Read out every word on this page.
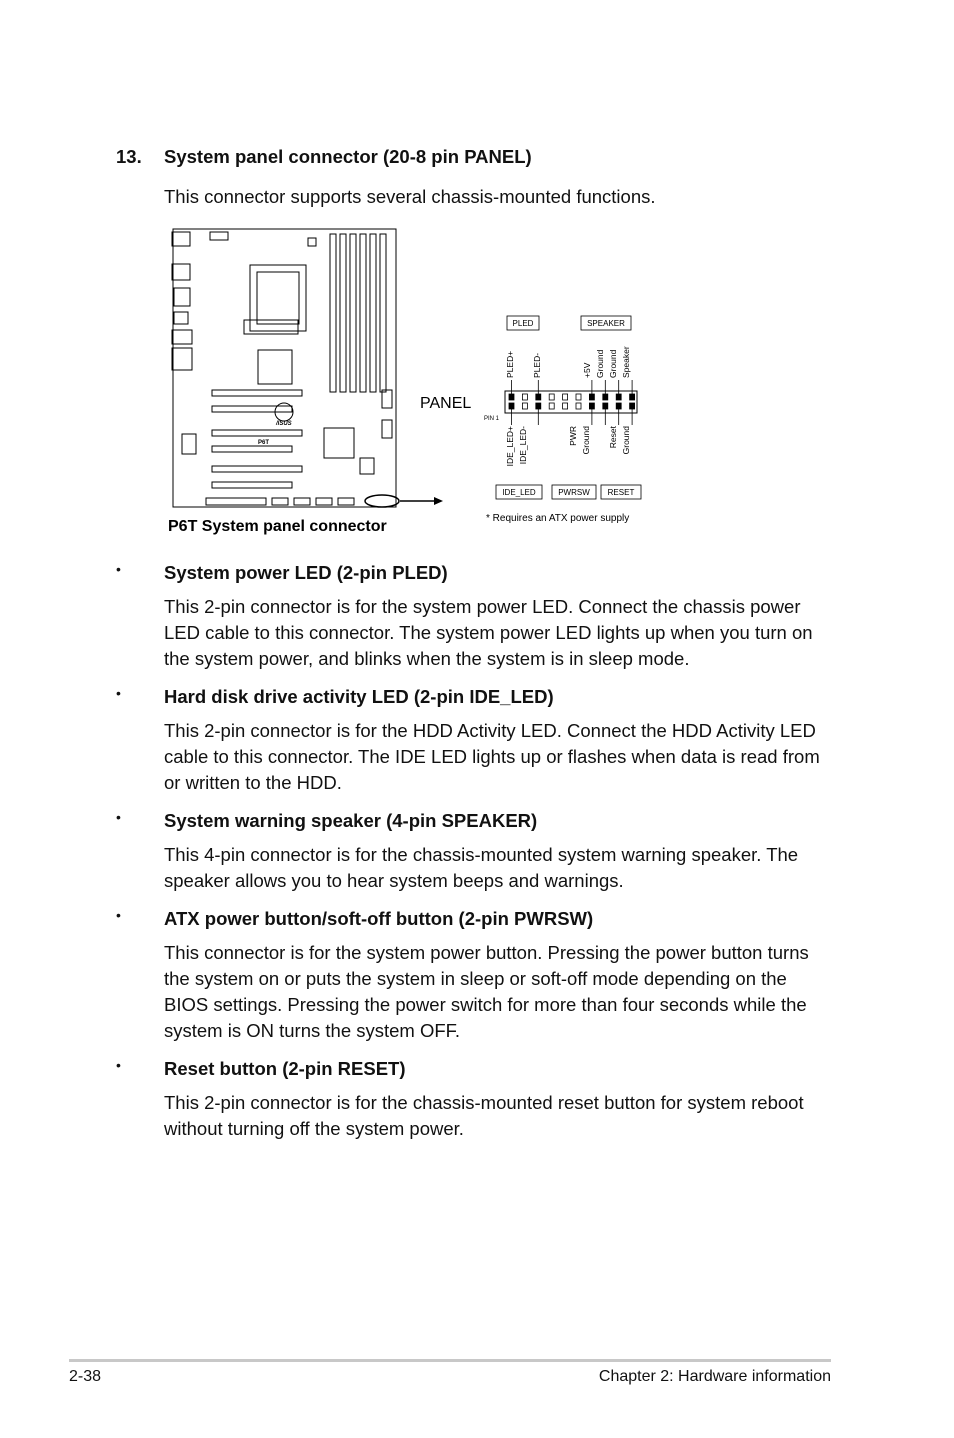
13. System panel connector (20-8 pin PANEL)
This connector supports several chassis-mounted functions.
/ISUS
P6T
P6T System panel connector
PANEL
PIN 1
PLED	SPEAKER
PLED+ PLED-	+5V Ground Ground Speaker
IDE_LED+ IDE_LED-	PWR Ground Reset Ground
IDE_LED	PWRSW RESET
* Requires an ATX power supply
• System power LED (2-pin PLED)
This 2-pin connector is for the system power LED. Connect the chassis power LED cable to this connector. The system power LED lights up when you turn on the system power, and blinks when the system is in sleep mode.
• Hard disk drive activity LED (2-pin IDE_LED)
This 2-pin connector is for the HDD Activity LED. Connect the HDD Activity LED cable to this connector. The IDE LED lights up or flashes when data is read from or written to the HDD.
• System warning speaker (4-pin SPEAKER)
This 4-pin connector is for the chassis-mounted system warning speaker. The speaker allows you to hear system beeps and warnings.
• ATX power button/soft-off button (2-pin PWRSW)
This connector is for the system power button. Pressing the power button turns the system on or puts the system in sleep or soft-off mode depending on the BIOS settings. Pressing the power switch for more than four seconds while the system is ON turns the system OFF.
• Reset button (2-pin RESET)
This 2-pin connector is for the chassis-mounted reset button for system reboot without turning off the system power.
2-38	Chapter 2: Hardware information
